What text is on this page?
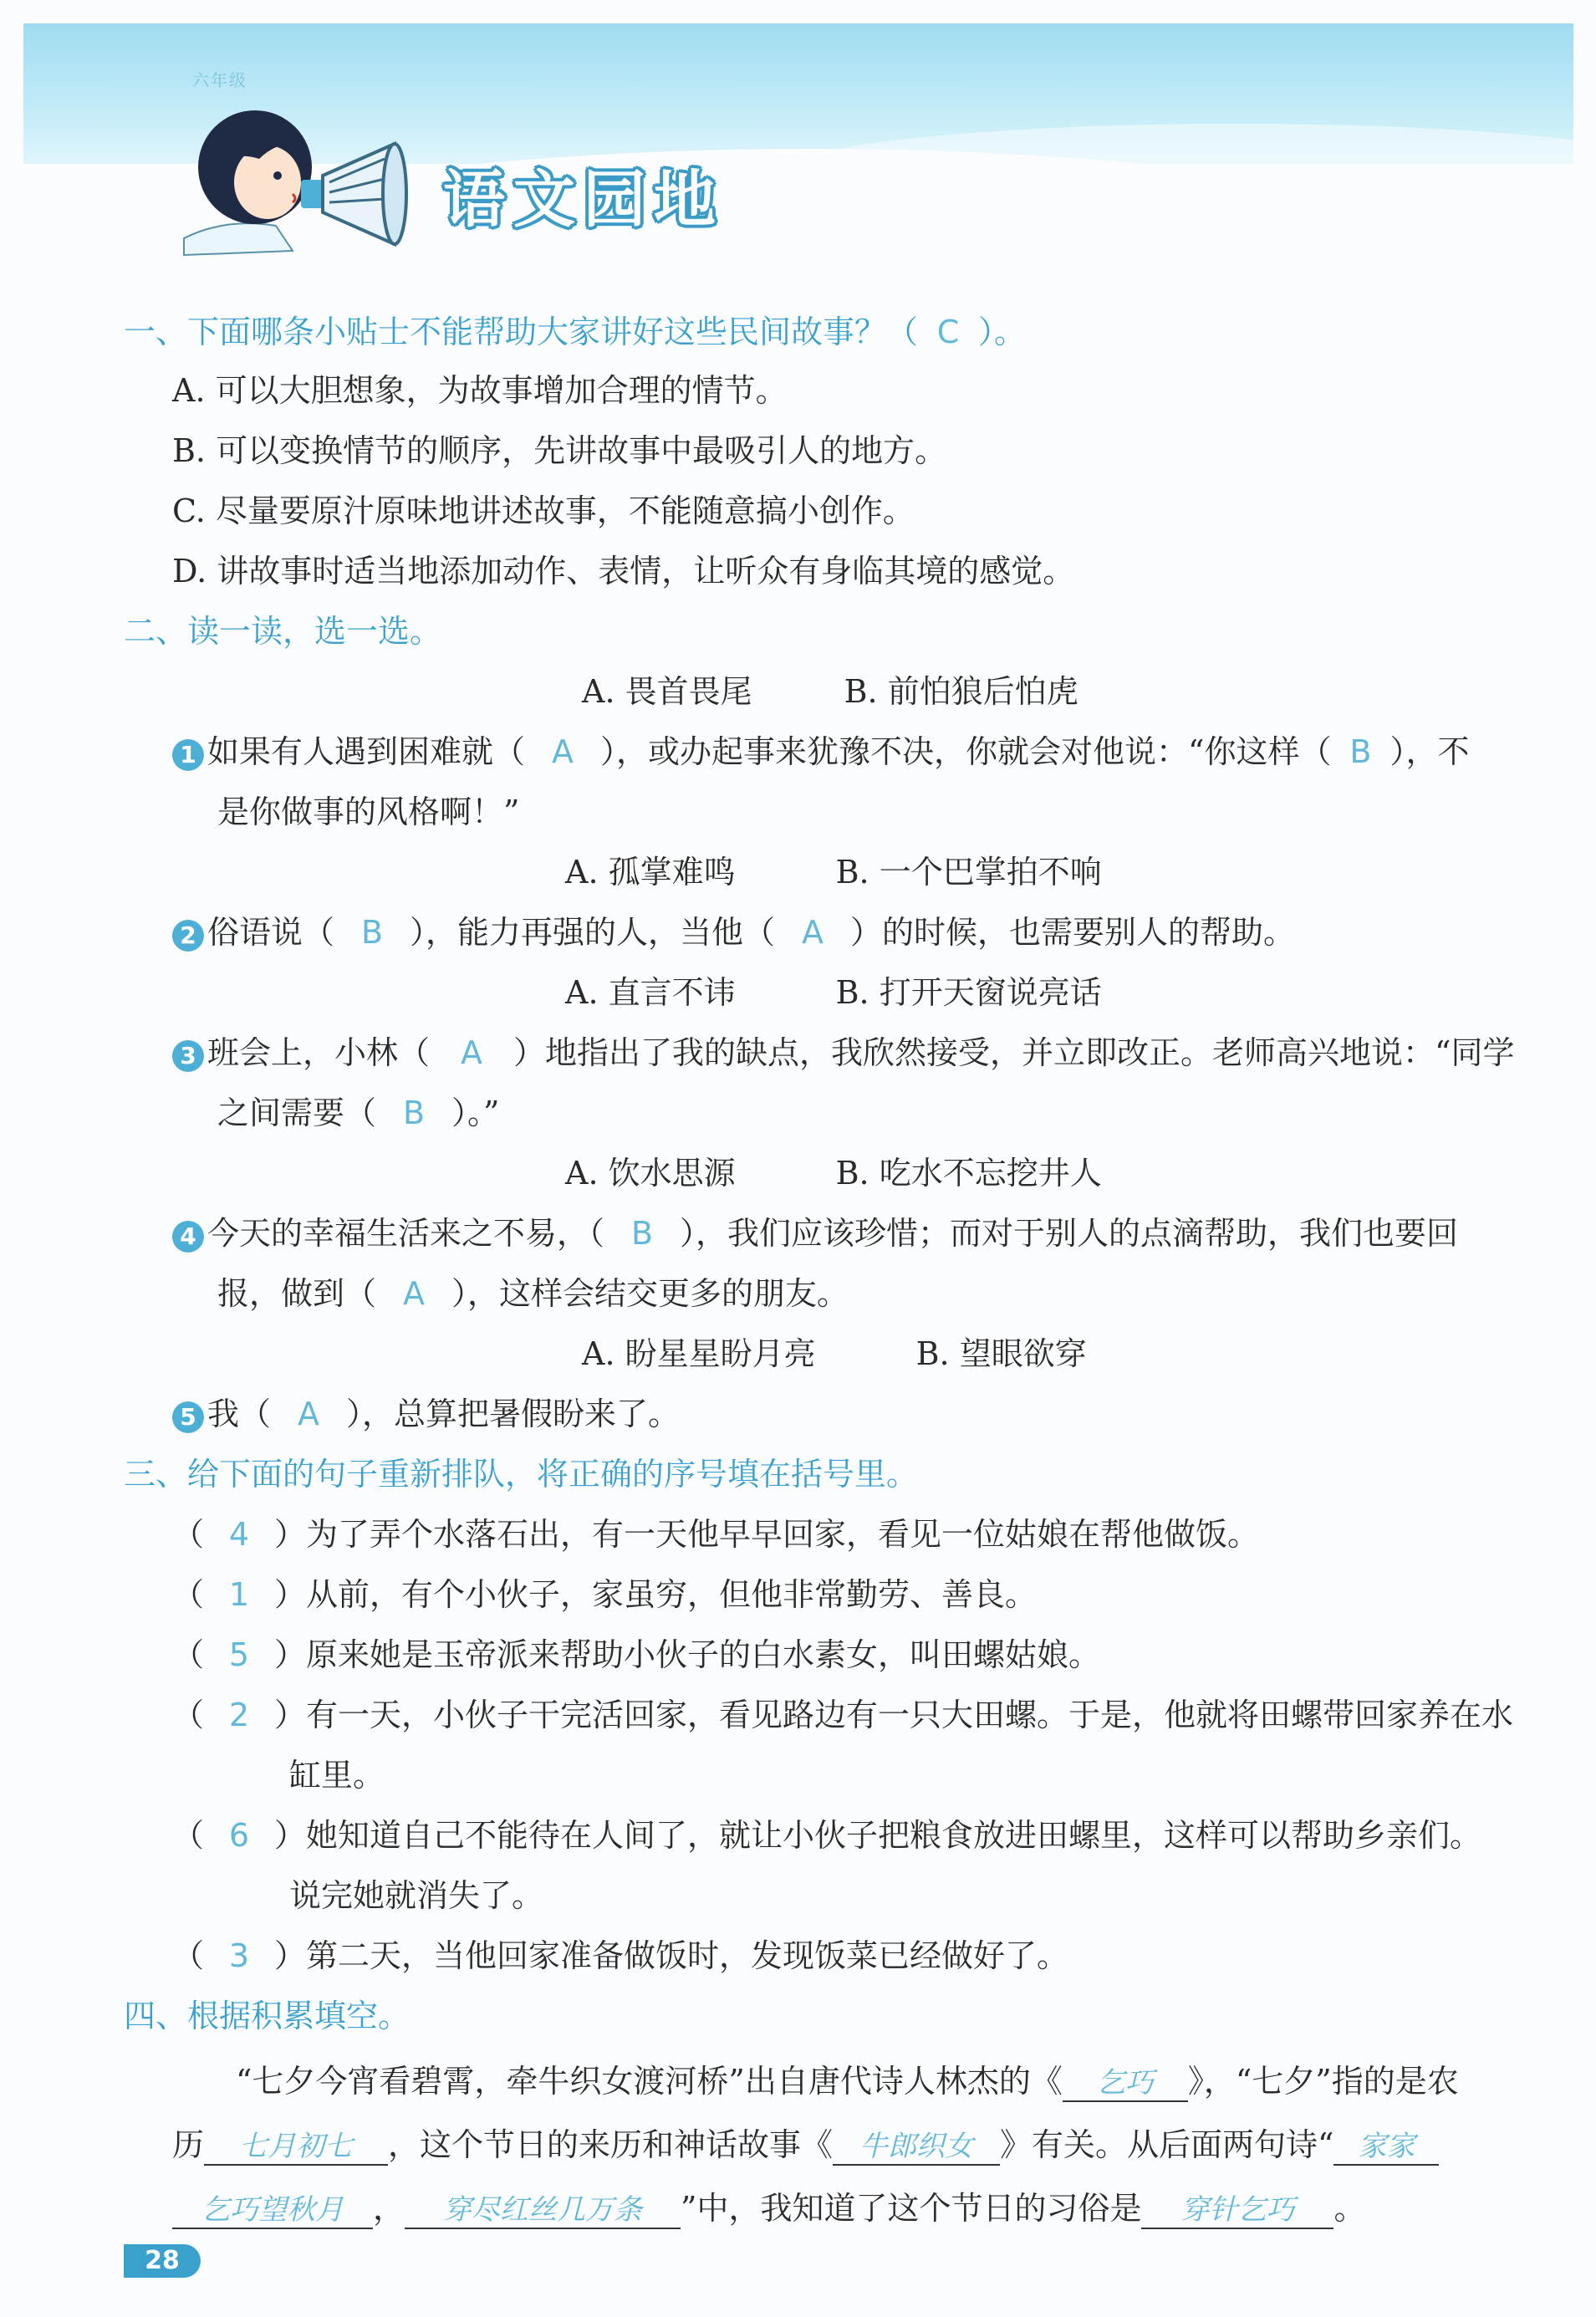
六年级
语文园地
一、下面哪条小贴士不能帮助大家讲好这些民间故事？（ C ）。
A. 可以大胆想象，为故事增加合理的情节。
B. 可以变换情节的顺序，先讲故事中最吸引人的地方。
C. 尽量要原汁原味地讲述故事，不能随意搞小创作。
D. 讲故事时适当地添加动作、表情，让听众有身临其境的感觉。
二、读一读，选一选。
A. 畏首畏尾	B. 前怕狼后怕虎
1 如果有人遇到困难就（ A ），或办起事来犹豫不决，你就会对他说：“你这样（ B ），不
是你做事的风格啊！”
A. 孤掌难鸣	B. 一个巴掌拍不响
2 俗语说（ B ），能力再强的人，当他（ A ）的时候，也需要别人的帮助。
A. 直言不讳	B. 打开天窗说亮话
3 班会上，小林（ A ）地指出了我的缺点，我欣然接受，并立即改正。老师高兴地说：“同学
之间需要（ B ）。”
A. 饮水思源	B. 吃水不忘挖井人
4 今天的幸福生活来之不易，（ B ），我们应该珍惜；而对于别人的点滴帮助，我们也要回
报，做到（ A ），这样会结交更多的朋友。
A. 盼星星盼月亮	B. 望眼欲穿
5 我（ A ），总算把暑假盼来了。
三、给下面的句子重新排队，将正确的序号填在括号里。
（ 4 ）为了弄个水落石出，有一天他早早回家，看见一位姑娘在帮他做饭。
（ 1 ）从前，有个小伙子，家虽穷，但他非常勤劳、善良。
（ 5 ）原来她是玉帝派来帮助小伙子的白水素女，叫田螺姑娘。
（ 2 ）有一天，小伙子干完活回家，看见路边有一只大田螺。于是，他就将田螺带回家养在水
缸里。
（ 6 ）她知道自己不能待在人间了，就让小伙子把粮食放进田螺里，这样可以帮助乡亲们。
说完她就消失了。
（ 3 ）第二天，当他回家准备做饭时，发现饭菜已经做好了。
四、根据积累填空。
“七夕今宵看碧霄，牵牛织女渡河桥”出自唐代诗人林杰的《 乞巧 》，“七夕”指的是农
历 七月初七 ，这个节日的来历和神话故事《 牛郎织女 》有关。从后面两句诗“ 家家
乞巧望秋月 ， 穿尽红丝几万条 ”中，我知道了这个节日的习俗是 穿针乞巧 。
28
